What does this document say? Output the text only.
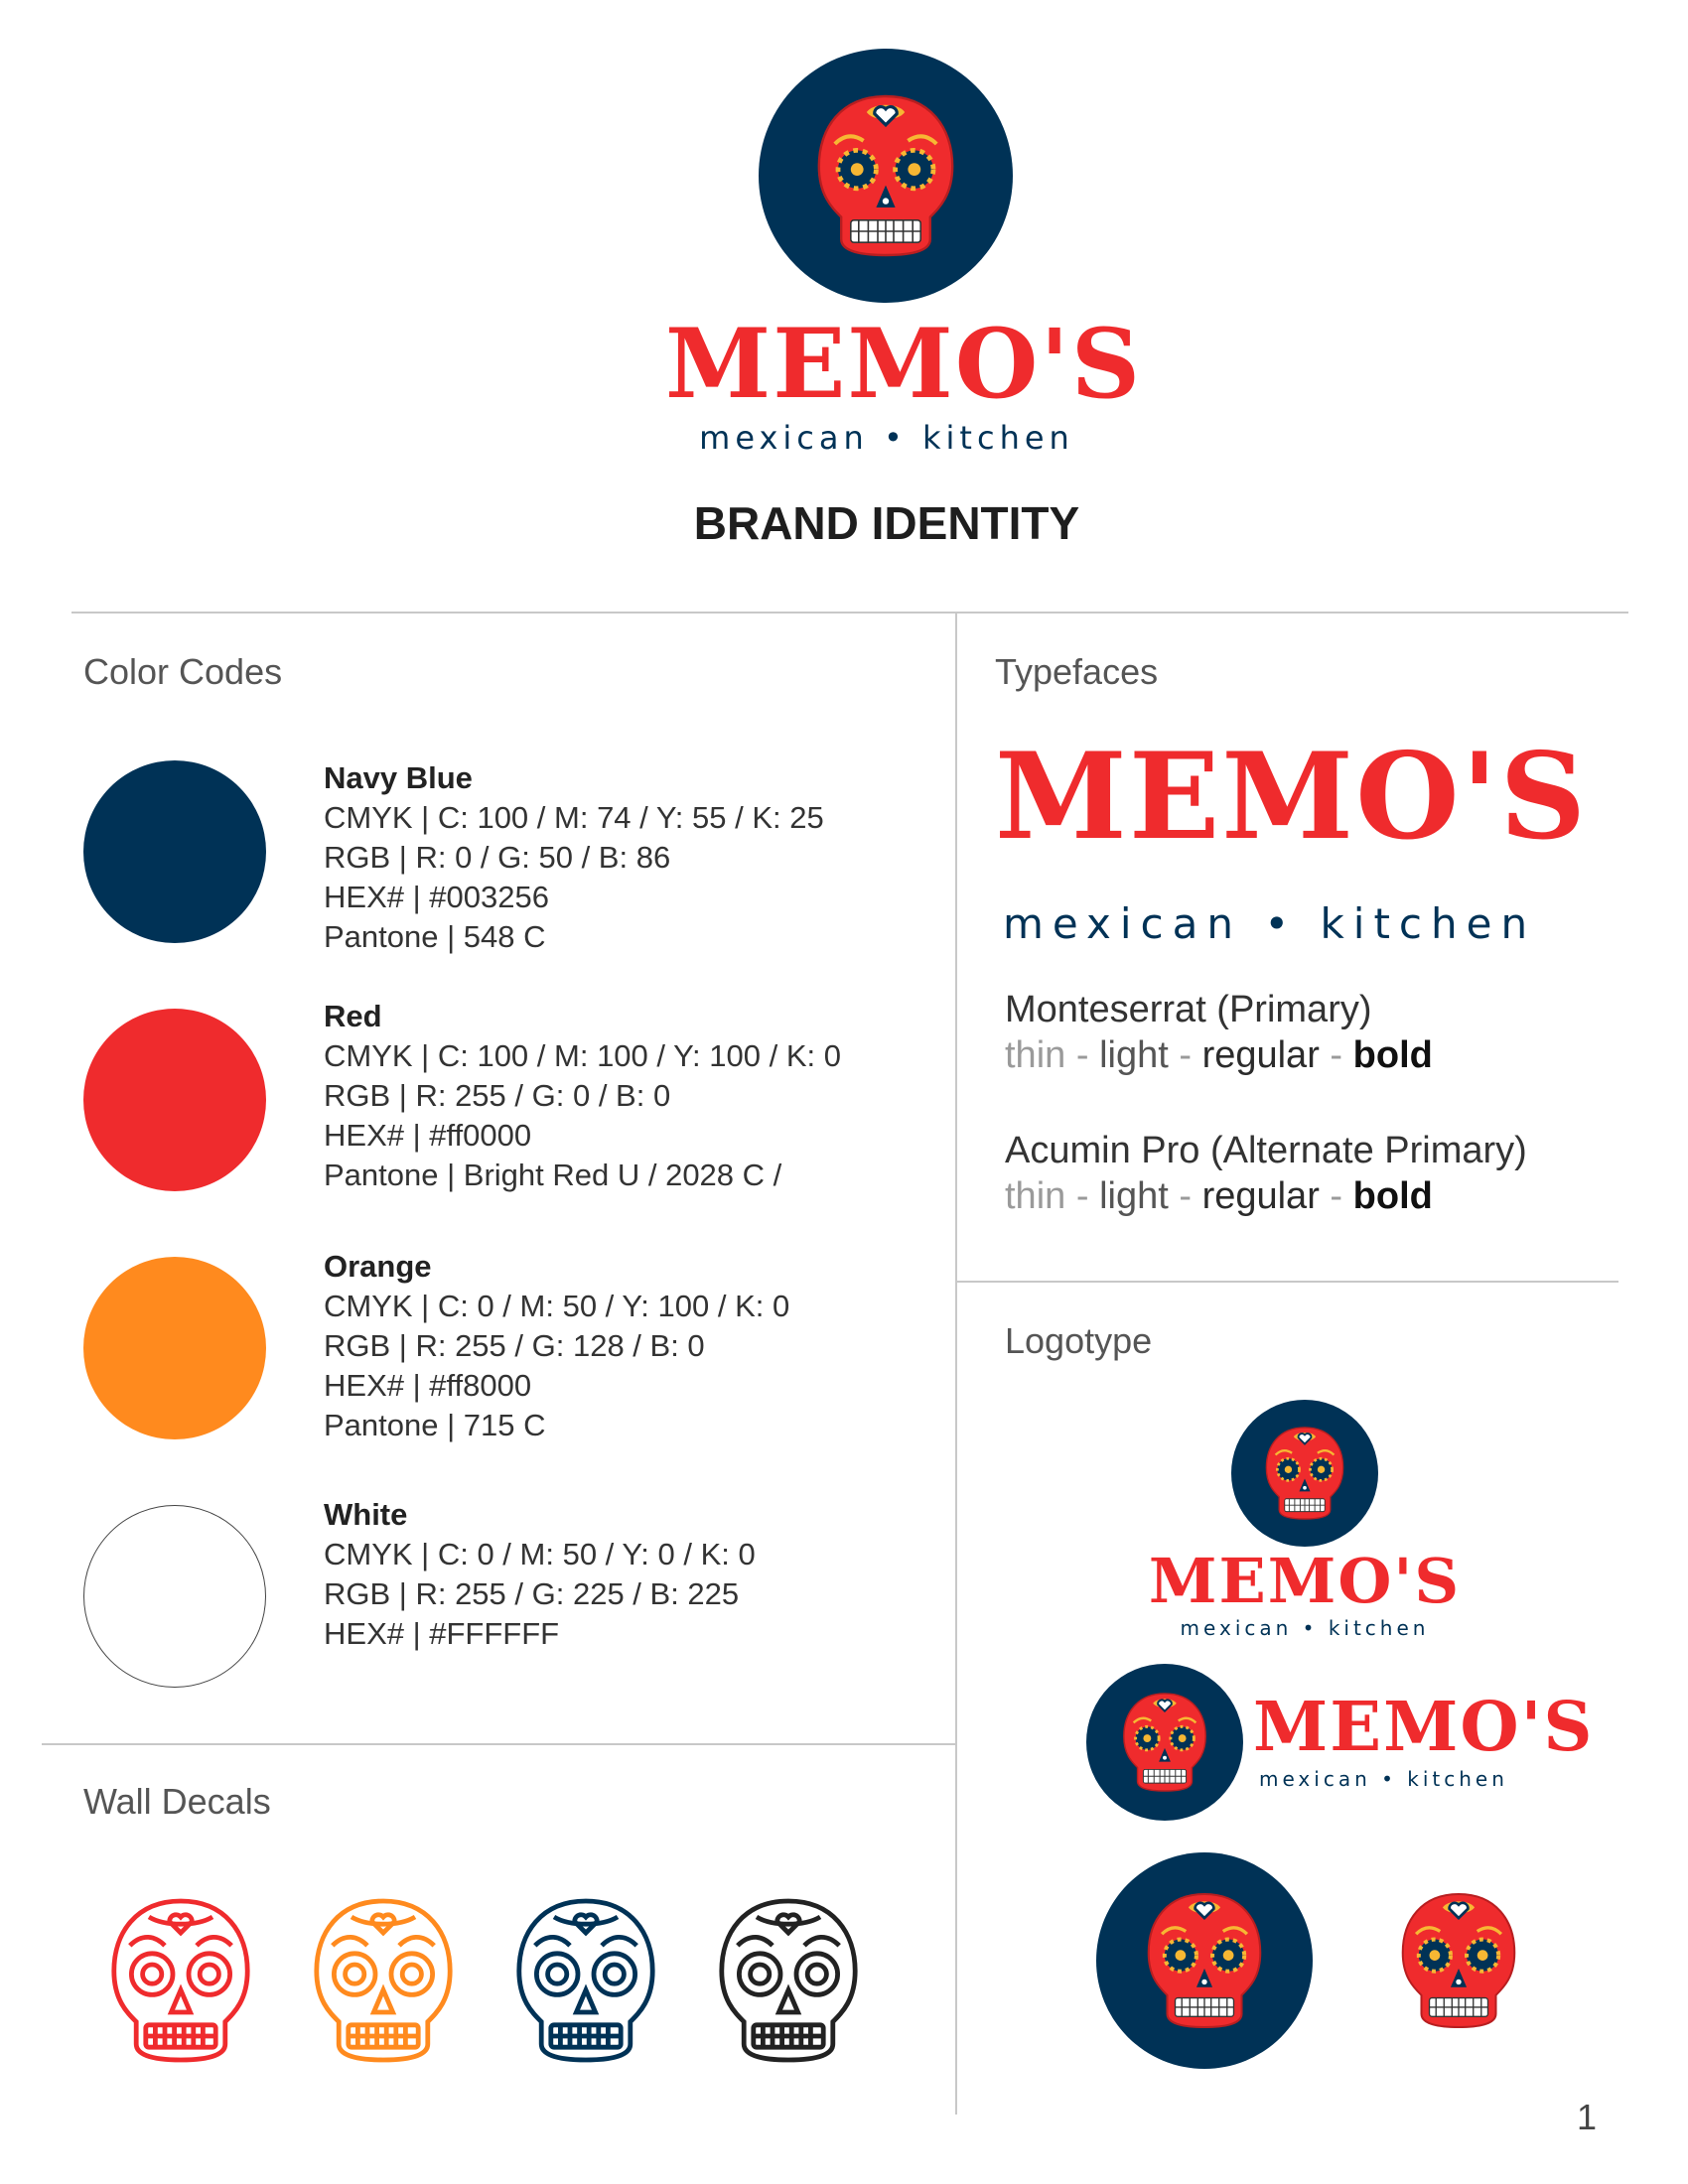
MEMO'S
mexican • kitchen
BRAND IDENTITY
Color Codes
Navy Blue
CMYK | C: 100 / M: 74 / Y: 55 / K: 25
RGB | R: 0 / G: 50 / B: 86
HEX# | #003256
Pantone | 548 C
Red
CMYK | C: 100 / M: 100 / Y: 100 / K: 0
RGB | R: 255 / G: 0 / B: 0
HEX# | #ff0000
Pantone | Bright Red U / 2028 C /
Orange
CMYK | C: 0 / M: 50 / Y: 100 / K: 0
RGB | R: 255 / G: 128 / B: 0
HEX# | #ff8000
Pantone | 715 C
White
CMYK | C: 0 / M: 50 / Y: 0 / K: 0
RGB | R: 255 / G: 225 / B: 225
HEX# | #FFFFFF
Wall Decals
Typefaces
MEMO'S
mexican • kitchen
Monteserrat (Primary)
thin - light - regular - bold
Acumin Pro (Alternate Primary)
thin - light - regular - bold
Logotype
MEMO'S
mexican • kitchen
MEMO'S
mexican • kitchen
1
